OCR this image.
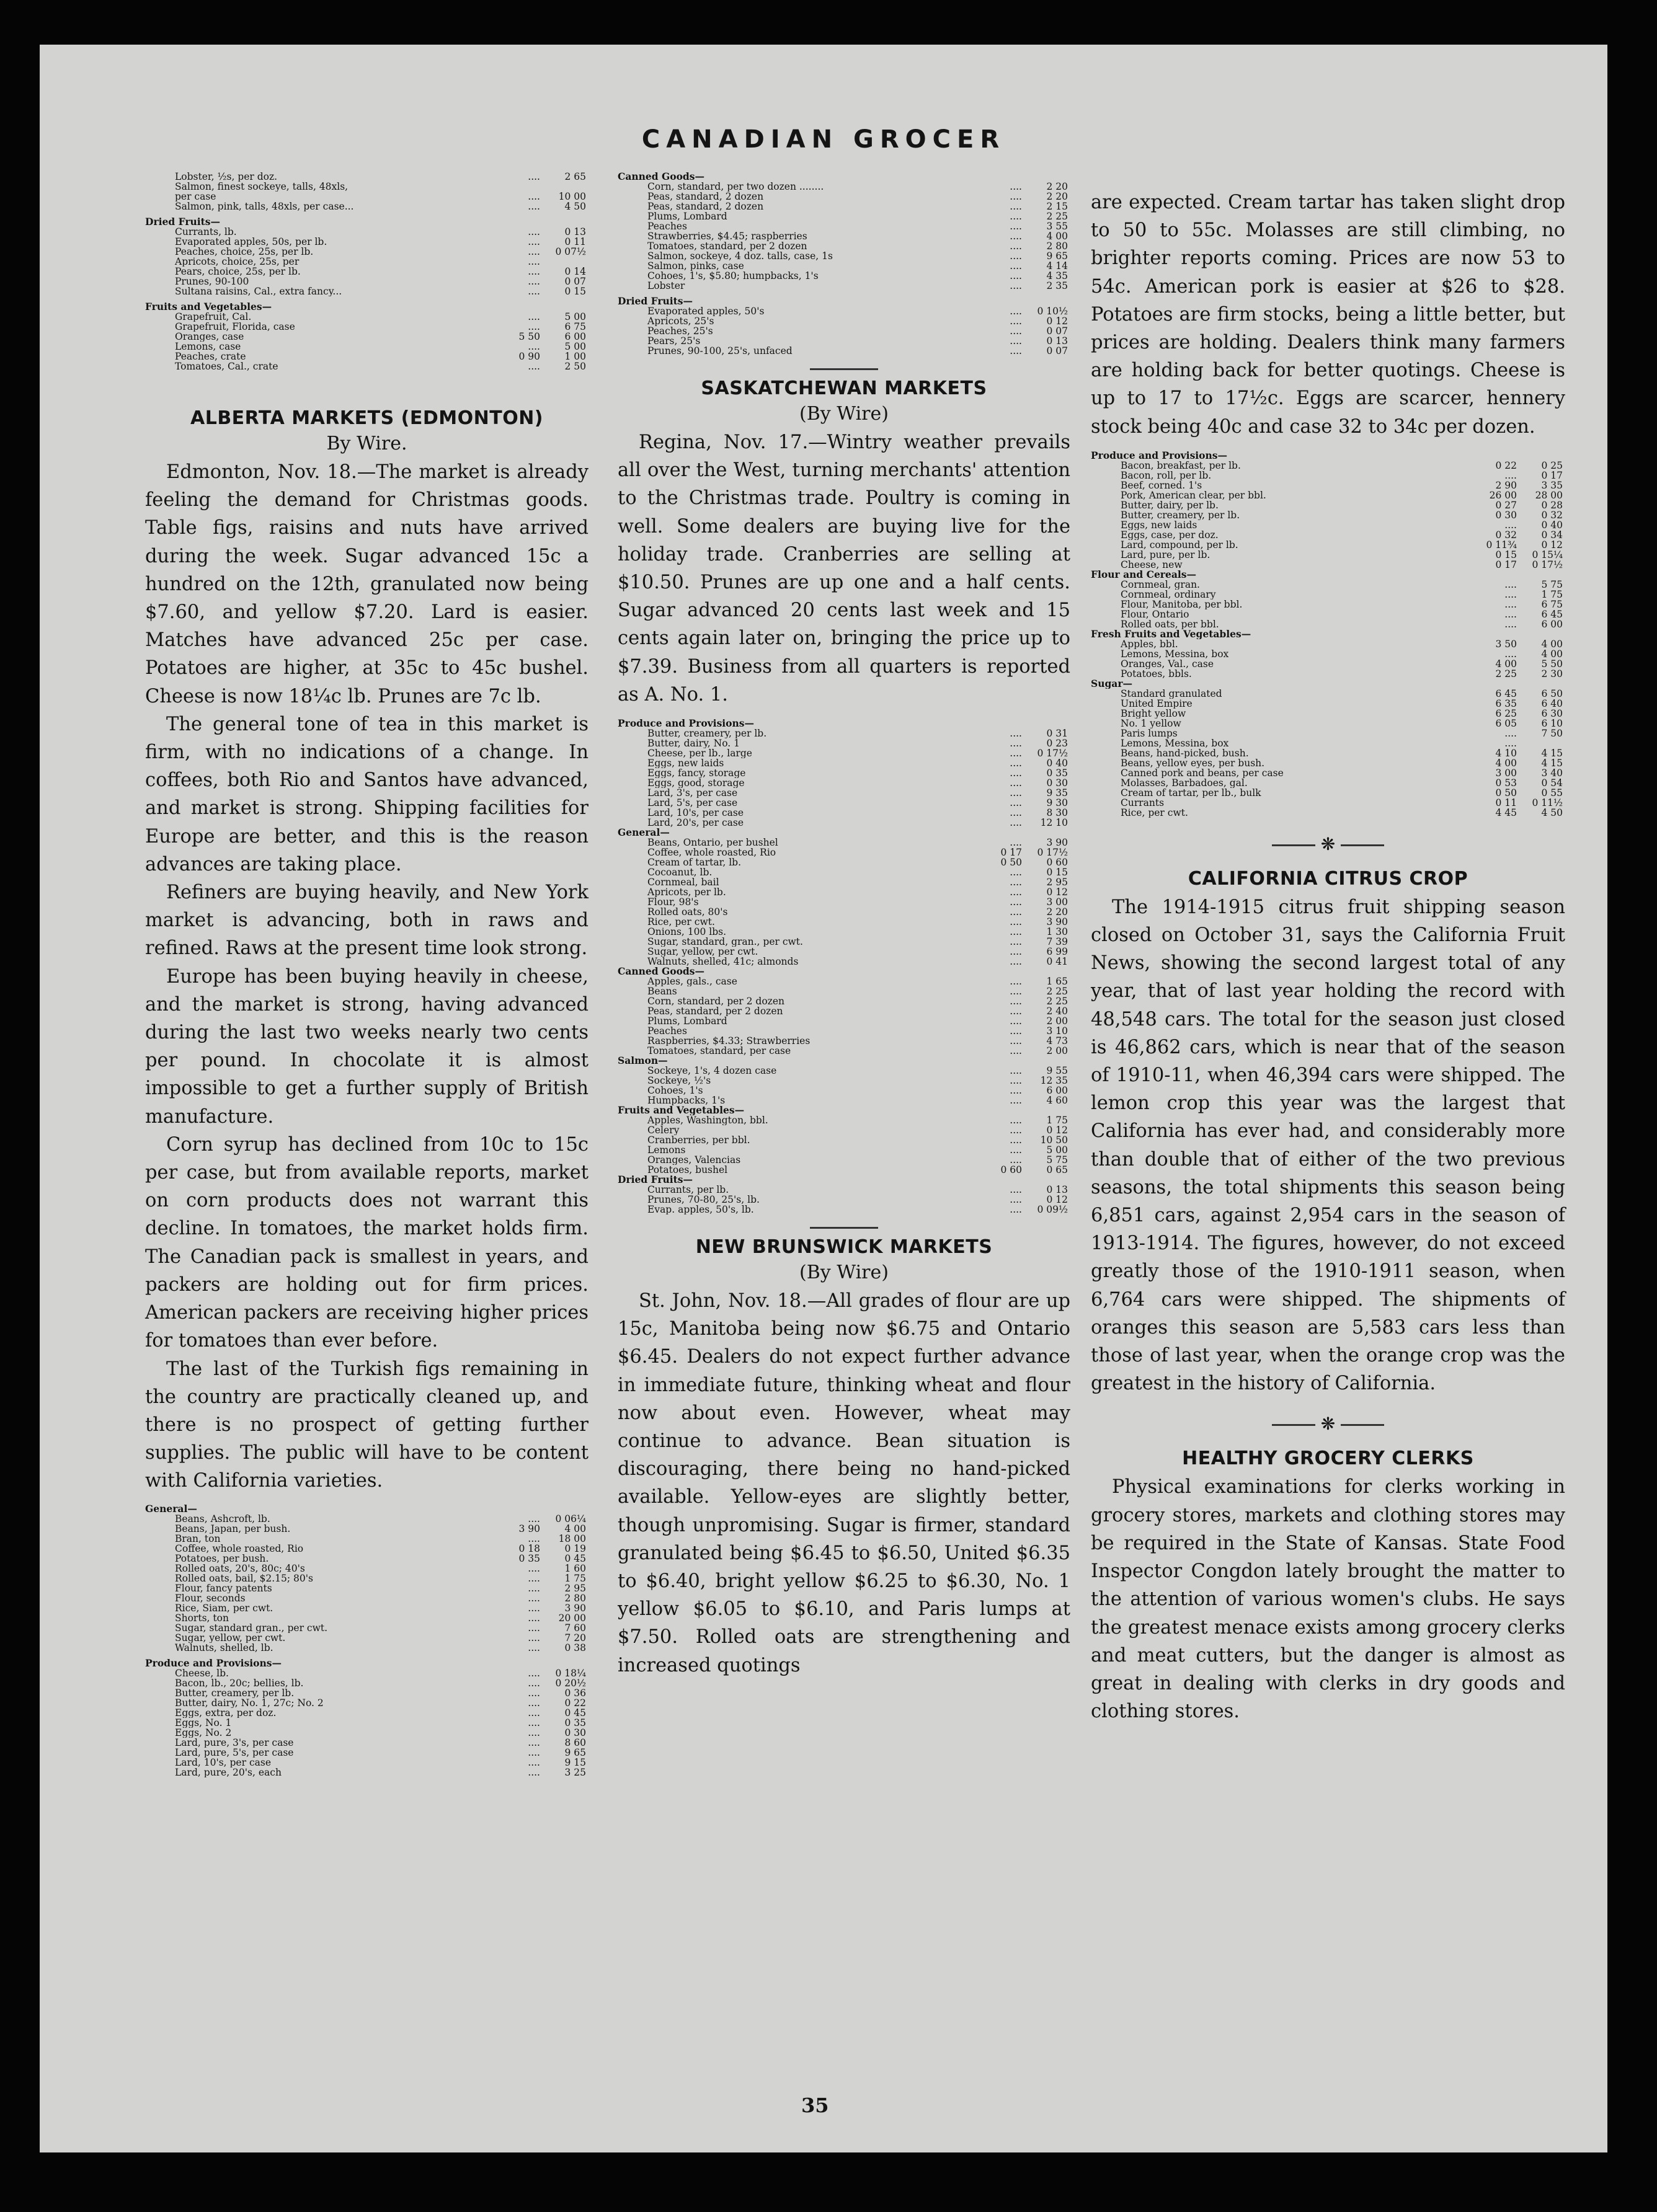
CANADIAN GROCER
Lobster, ½s, per doz.	....	2 65
Salmon, finest sockeye, talls, 48xls,		
per case	....	10 00
Salmon, pink, talls, 48xls, per case...	....	4 50

Dried Fruits—		
Currants, lb.	....	0 13
Evaporated apples, 50s, per lb.	....	0 11
Peaches, choice, 25s, per lb.	....	0 07½
Apricots, choice, 25s, per	....	
Pears, choice, 25s, per lb.	....	0 14
Prunes, 90-100	....	0 07
Sultana raisins, Cal., extra fancy...	....	0 15

Fruits and Vegetables—		
Grapefruit, Cal.	....	5 00
Grapefruit, Florida, case	....	6 75
Oranges, case	5 50	6 00
Lemons, case	....	5 00
Peaches, crate	0 90	1 00
Tomatoes, Cal., crate	....	2 50
ALBERTA MARKETS (EDMONTON)
By Wire.

Edmonton, Nov. 18.—The market is already feeling the demand for Christmas goods. Table figs, raisins and nuts have arrived during the week. Sugar advanced 15c a hundred on the 12th, granulated now being $7.60, and yellow $7.20. Lard is easier. Matches have advanced 25c per case. Potatoes are higher, at 35c to 45c bushel. Cheese is now 18¼c lb. Prunes are 7c lb.

The general tone of tea in this market is firm, with no indications of a change. In coffees, both Rio and Santos have advanced, and market is strong. Shipping facilities for Europe are better, and this is the reason advances are taking place.

Refiners are buying heavily, and New York market is advancing, both in raws and refined. Raws at the present time look strong.

Europe has been buying heavily in cheese, and the market is strong, having advanced during the last two weeks nearly two cents per pound. In chocolate it is almost impossible to get a further supply of British manufacture.

Corn syrup has declined from 10c to 15c per case, but from available reports, market on corn products does not warrant this decline. In tomatoes, the market holds firm. The Canadian pack is smallest in years, and packers are holding out for firm prices. American packers are receiving higher prices for tomatoes than ever before.

The last of the Turkish figs remaining in the country are practically cleaned up, and there is no prospect of getting further supplies. The public will have to be content with California varieties.

General—		
Beans, Ashcroft, lb.	....	0 06¼
Beans, Japan, per bush.	3 90	4 00
Bran, ton	....	18 00
Coffee, whole roasted, Rio	0 18	0 19
Potatoes, per bush.	0 35	0 45
Rolled oats, 20's, 80c; 40's	....	1 60
Rolled oats, bail, $2.15; 80's	....	1 75
Flour, fancy patents	....	2 95
Flour, seconds	....	2 80
Rice, Siam, per cwt.	....	3 90
Shorts, ton	....	20 00
Sugar, standard gran., per cwt.	....	7 60
Sugar, yellow, per cwt.	....	7 20
Walnuts, shelled, lb.	....	0 38

Produce and Provisions—		
Cheese, lb.	....	0 18¼
Bacon, lb., 20c; bellies, lb.	....	0 20½
Butter, creamery, per lb.	....	0 36
Butter, dairy, No. 1, 27c; No. 2	....	0 22
Eggs, extra, per doz.	....	0 45
Eggs, No. 1	....	0 35
Eggs, No. 2	....	0 30
Lard, pure, 3's, per case	....	8 60
Lard, pure, 5's, per case	....	9 65
Lard, 10's, per case	....	9 15
Lard, pure, 20's, each	....	3 25
Canned Goods—		
Corn, standard, per two dozen ........	....	2 20
Peas, standard, 2 dozen	....	2 20
Peas, standard, 2 dozen	....	2 15
Plums, Lombard	....	2 25
Peaches	....	3 55
Strawberries, $4.45; raspberries	....	4 00
Tomatoes, standard, per 2 dozen	....	2 80
Salmon, sockeye, 4 doz. talls, case, 1s	....	9 65
Salmon, pinks, case	....	4 14
Cohoes, 1's, $5.80; humpbacks, 1's	....	4 35
Lobster	....	2 35

Dried Fruits—		
Evaporated apples, 50's	....	0 10½
Apricots, 25's	....	0 12
Peaches, 25's	....	0 07
Pears, 25's	....	0 13
Prunes, 90-100, 25's, unfaced	....	0 07
SASKATCHEWAN MARKETS
(By Wire)

Regina, Nov. 17.—Wintry weather prevails all over the West, turning merchants' attention to the Christmas trade. Poultry is coming in well. Some dealers are buying live for the holiday trade. Cranberries are selling at $10.50. Prunes are up one and a half cents. Sugar advanced 20 cents last week and 15 cents again later on, bringing the price up to $7.39. Business from all quarters is reported as A. No. 1.

Produce and Provisions—		
Butter, creamery, per lb.	....	0 31
Butter, dairy, No. 1	....	0 23
Cheese, per lb., large	....	0 17½
Eggs, new laids	....	0 40
Eggs, fancy, storage	....	0 35
Eggs, good, storage	....	0 30
Lard, 3's, per case	....	9 35
Lard, 5's, per case	....	9 30
Lard, 10's, per case	....	8 30
Lard, 20's, per case	....	12 10
General—		
Beans, Ontario, per bushel	....	3 90
Coffee, whole roasted, Rio	0 17	0 17½
Cream of tartar, lb.	0 50	0 60
Cocoanut, lb.	....	0 15
Cornmeal, bail	....	2 95
Apricots, per lb.	....	0 12
Flour, 98's	....	3 00
Rolled oats, 80's	....	2 20
Rice, per cwt.	....	3 90
Onions, 100 lbs.	....	1 30
Sugar, standard, gran., per cwt.	....	7 39
Sugar, yellow, per cwt.	....	6 99
Walnuts, shelled, 41c; almonds	....	0 41
Canned Goods—		
Apples, gals., case	....	1 65
Beans	....	2 25
Corn, standard, per 2 dozen	....	2 25
Peas, standard, per 2 dozen	....	2 40
Plums, Lombard	....	2 00
Peaches	....	3 10
Raspberries, $4.33; Strawberries	....	4 73
Tomatoes, standard, per case	....	2 00
Salmon—		
Sockeye, 1's, 4 dozen case	....	9 55
Sockeye, ½'s	....	12 35
Cohoes, 1's	....	6 00
Humpbacks, 1's	....	4 60
Fruits and Vegetables—		
Apples, Washington, bbl.	....	1 75
Celery	....	0 12
Cranberries, per bbl.	....	10 50
Lemons	....	5 00
Oranges, Valencias	....	5 75
Potatoes, bushel	0 60	0 65
Dried Fruits—		
Currants, per lb.	....	0 13
Prunes, 70-80, 25's, lb.	....	0 12
Evap. apples, 50's, lb.	....	0 09½
NEW BRUNSWICK MARKETS
(By Wire)

St. John, Nov. 18.—All grades of flour are up 15c, Manitoba being now $6.75 and Ontario $6.45. Dealers do not expect further advance in immediate future, thinking wheat and flour now about even. However, wheat may continue to advance. Bean situation is discouraging, there being no hand-picked available. Yellow-eyes are slightly better, though unpromising. Sugar is firmer, standard granulated being $6.45 to $6.50, United $6.35 to $6.40, bright yellow $6.25 to $6.30, No. 1 yellow $6.05 to $6.10, and Paris lumps at $7.50. Rolled oats are strengthening and increased quotings

are expected. Cream tartar has taken slight drop to 50 to 55c. Molasses are still climbing, no brighter reports coming. Prices are now 53 to 54c. American pork is easier at $26 to $28. Potatoes are firm stocks, being a little better, but prices are holding. Dealers think many farmers are holding back for better quotings. Cheese is up to 17 to 17½c. Eggs are scarcer, hennery stock being 40c and case 32 to 34c per dozen.

Produce and Provisions—		
Bacon, breakfast, per lb.	0 22	0 25
Bacon, roll, per lb.	....	0 17
Beef, corned. 1's	2 90	3 35
Pork, American clear, per bbl.	26 00	28 00
Butter, dairy, per lb.	0 27	0 28
Butter, creamery, per lb.	0 30	0 32
Eggs, new laids	....	0 40
Eggs, case, per doz.	0 32	0 34
Lard, compound, per lb.	0 11¾	0 12
Lard, pure, per lb.	0 15	0 15¼
Cheese, new	0 17	0 17½
Flour and Cereals—		
Cornmeal, gran.	....	5 75
Cornmeal, ordinary	....	1 75
Flour, Manitoba, per bbl.	....	6 75
Flour, Ontario	....	6 45
Rolled oats, per bbl.	....	6 00
Fresh Fruits and Vegetables—		
Apples, bbl.	3 50	4 00
Lemons, Messina, box	....	4 00
Oranges, Val., case	4 00	5 50
Potatoes, bbls.	2 25	2 30
Sugar—		
Standard granulated	6 45	6 50
United Empire	6 35	6 40
Bright yellow	6 25	6 30
No. 1 yellow	6 05	6 10
Paris lumps	....	7 50
Lemons, Messina, box	....	
Beans, hand-picked, bush.	4 10	4 15
Beans, yellow eyes, per bush.	4 00	4 15
Canned pork and beans, per case	3 00	3 40
Molasses, Barbadoes, gal.	0 53	0 54
Cream of tartar, per lb., bulk	0 50	0 55
Currants	0 11	0 11½
Rice, per cwt.	4 45	4 50
❋
CALIFORNIA CITRUS CROP

The 1914-1915 citrus fruit shipping season closed on October 31, says the California Fruit News, showing the second largest total of any year, that of last year holding the record with 48,548 cars. The total for the season just closed is 46,862 cars, which is near that of the season of 1910-11, when 46,394 cars were shipped. The lemon crop this year was the largest that California has ever had, and considerably more than double that of either of the two previous seasons, the total shipments this season being 6,851 cars, against 2,954 cars in the season of 1913-1914. The figures, however, do not exceed greatly those of the 1910-1911 season, when 6,764 cars were shipped. The shipments of oranges this season are 5,583 cars less than those of last year, when the orange crop was the greatest in the history of California.

❋
HEALTHY GROCERY CLERKS

Physical examinations for clerks working in grocery stores, markets and clothing stores may be required in the State of Kansas. State Food Inspector Congdon lately brought the matter to the attention of various women's clubs. He says the greatest menace exists among grocery clerks and meat cutters, but the danger is almost as great in dealing with clerks in dry goods and clothing stores.

35
